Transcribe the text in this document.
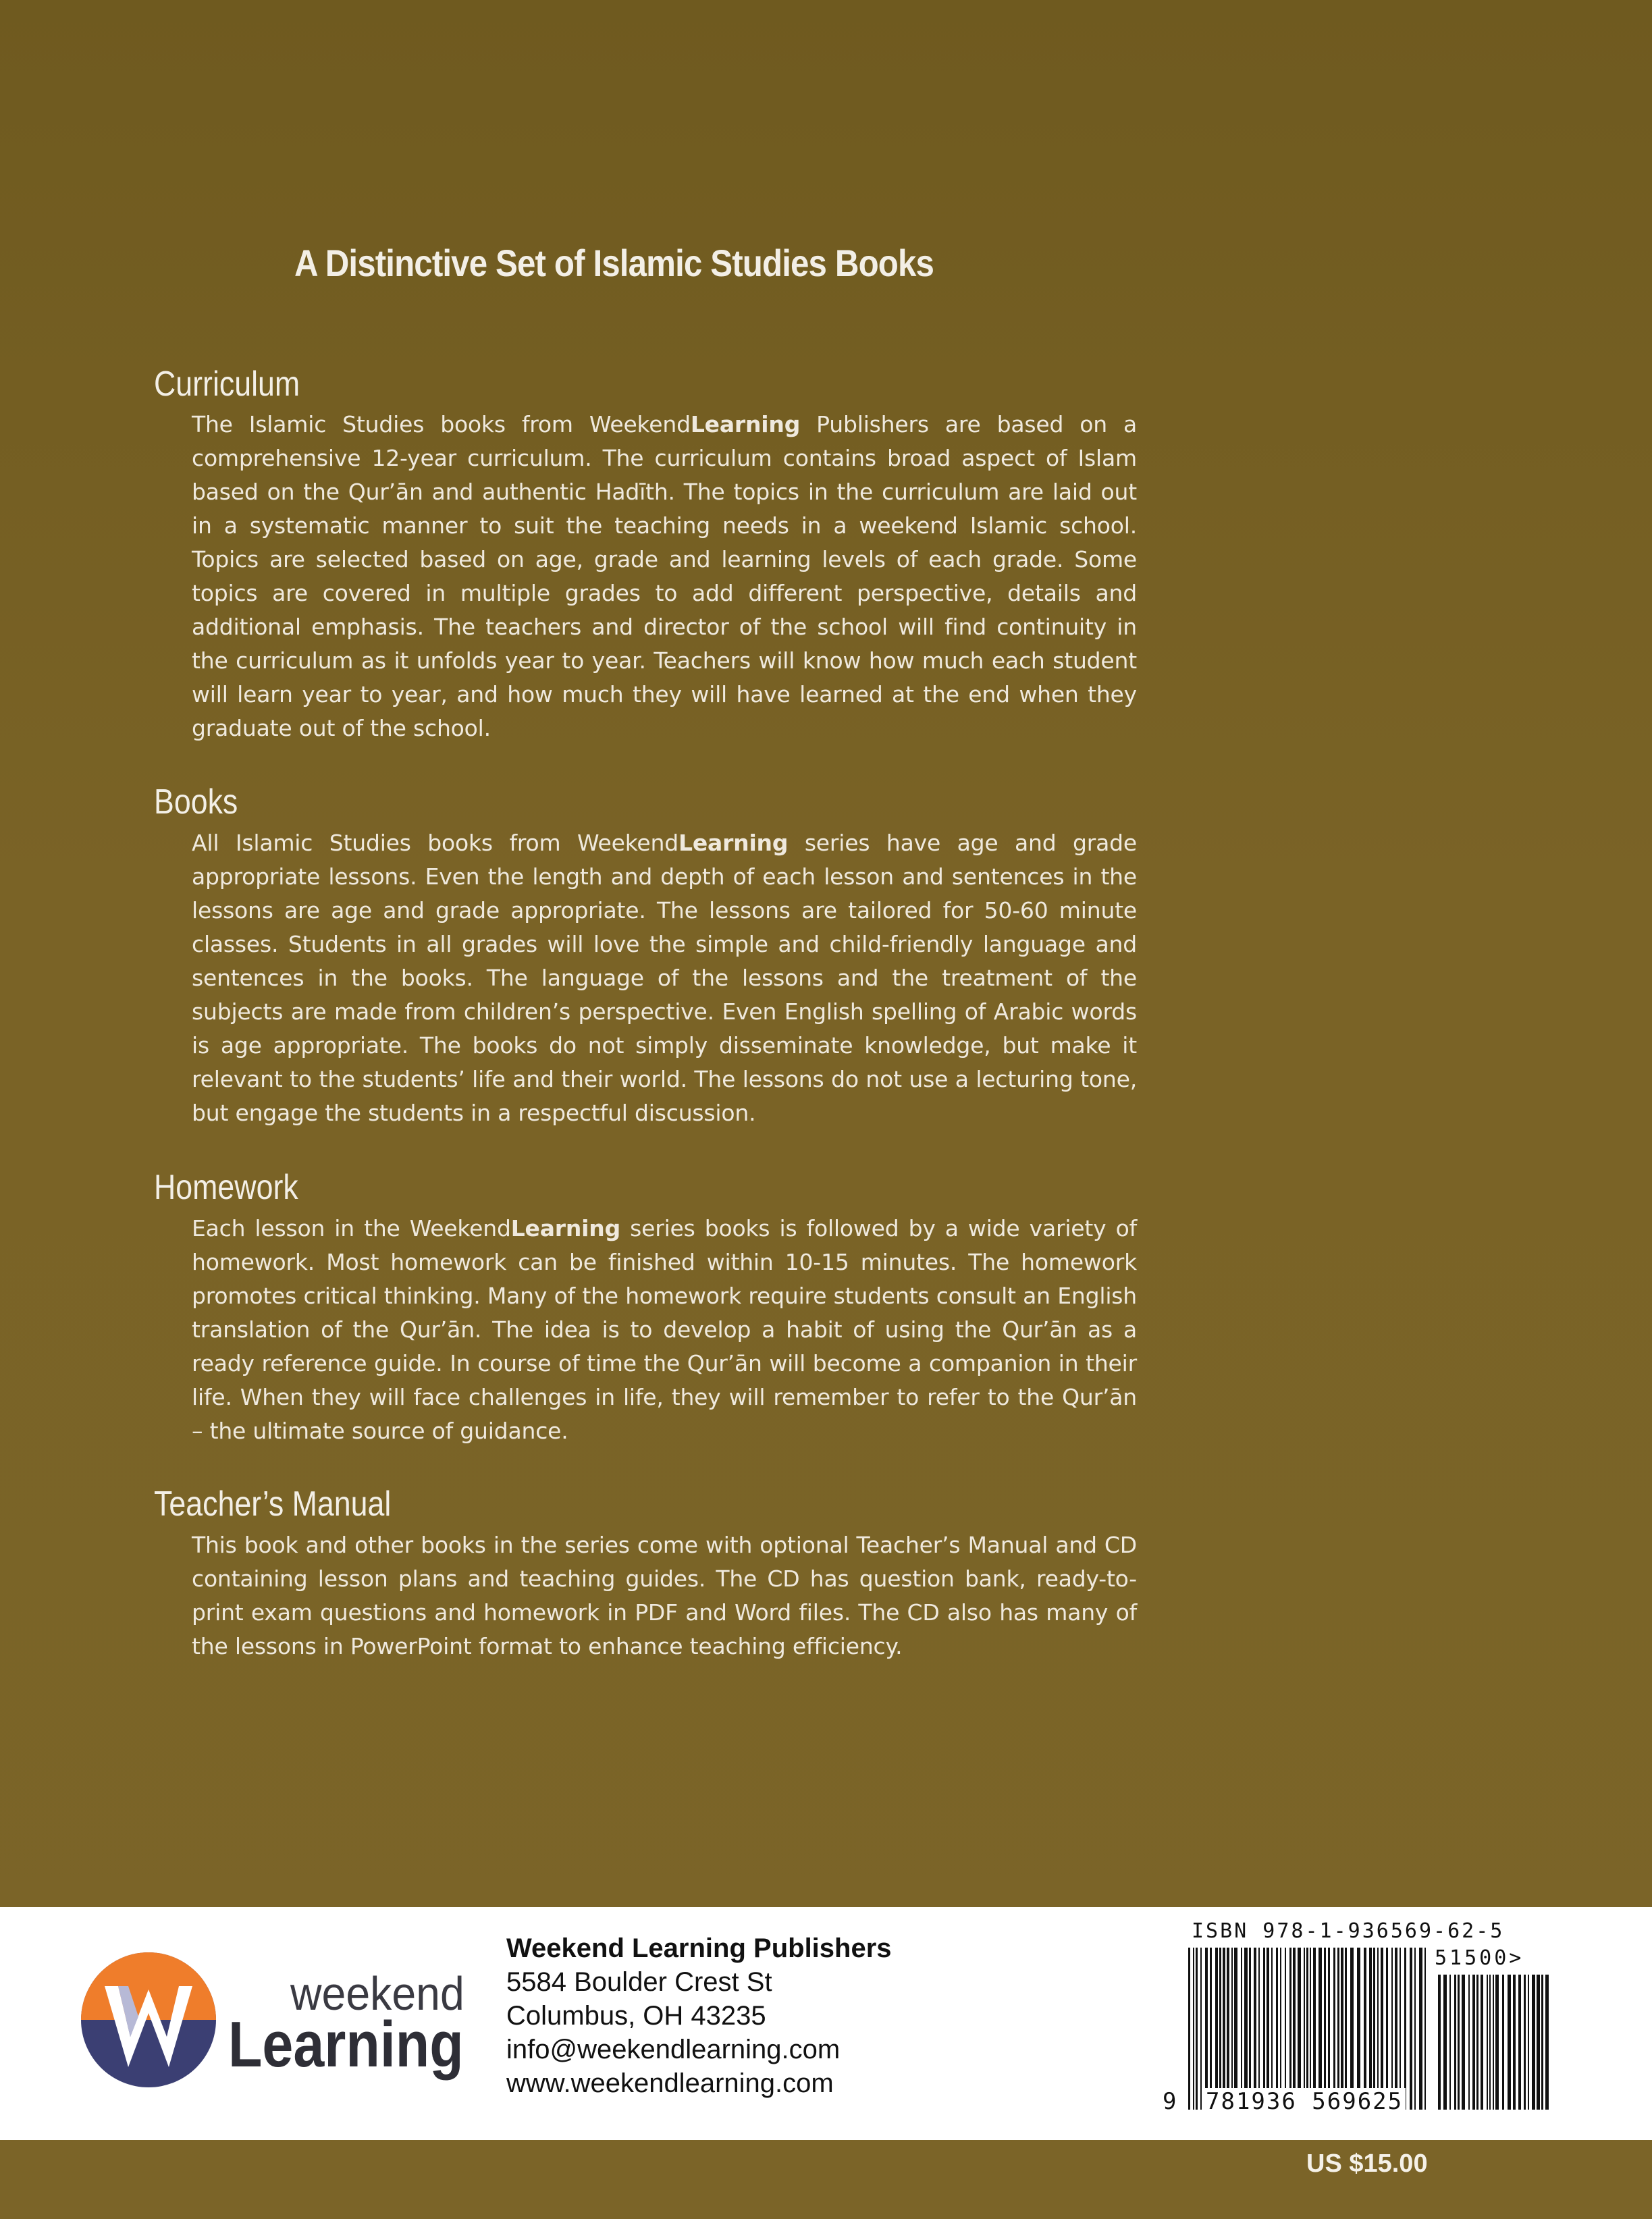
A Distinctive Set of Islamic Studies Books
Curriculum
The Islamic Studies books from WeekendLearning Publishers are based on a comprehensive 12-year curriculum. The curriculum contains broad aspect of Islam based on the Qur’ān and authentic Hadīth. The topics in the curriculum are laid out in a systematic manner to suit the teaching needs in a weekend Islamic school. Topics are selected based on age, grade and learning levels of each grade. Some topics are covered in multiple grades to add different perspective, details and additional emphasis. The teachers and director of the school will find continuity in the curriculum as it unfolds year to year. Teachers will know how much each student will learn year to year, and how much they will have learned at the end when they graduate out of the school.
Books
All Islamic Studies books from WeekendLearning series have age and grade appropriate lessons. Even the length and depth of each lesson and sentences in the lessons are age and grade appropriate. The lessons are tailored for 50-60 minute classes. Students in all grades will love the simple and child-friendly language and sentences in the books. The language of the lessons and the treatment of the subjects are made from children’s perspective. Even English spelling of Arabic words is age appropriate. The books do not simply disseminate knowledge, but make it relevant to the students’ life and their world. The lessons do not use a lecturing tone, but engage the students in a respectful discussion.
Homework
Each lesson in the WeekendLearning series books is followed by a wide variety of homework. Most homework can be finished within 10-15 minutes. The homework promotes critical thinking. Many of the homework require students consult an English translation of the Qur’ān. The idea is to develop a habit of using the Qur’ān as a ready reference guide. In course of time the Qur’ān will become a companion in their life. When they will face challenges in life, they will remember to refer to the Qur’ān – the ultimate source of guidance.
Teacher’s Manual
This book and other books in the series come with optional Teacher’s Manual and CD containing lesson plans and teaching guides. The CD has question bank, ready-to-print exam questions and homework in PDF and Word files. The CD also has many of the lessons in PowerPoint format to enhance teaching efficiency.
weekend
Learning
Weekend Learning Publishers
5584 Boulder Crest St
Columbus, OH 43235
info@weekendlearning.com
www.weekendlearning.com
ISBN 978-1-936569-62-5
51500>
9 781936 569625
US $15.00
